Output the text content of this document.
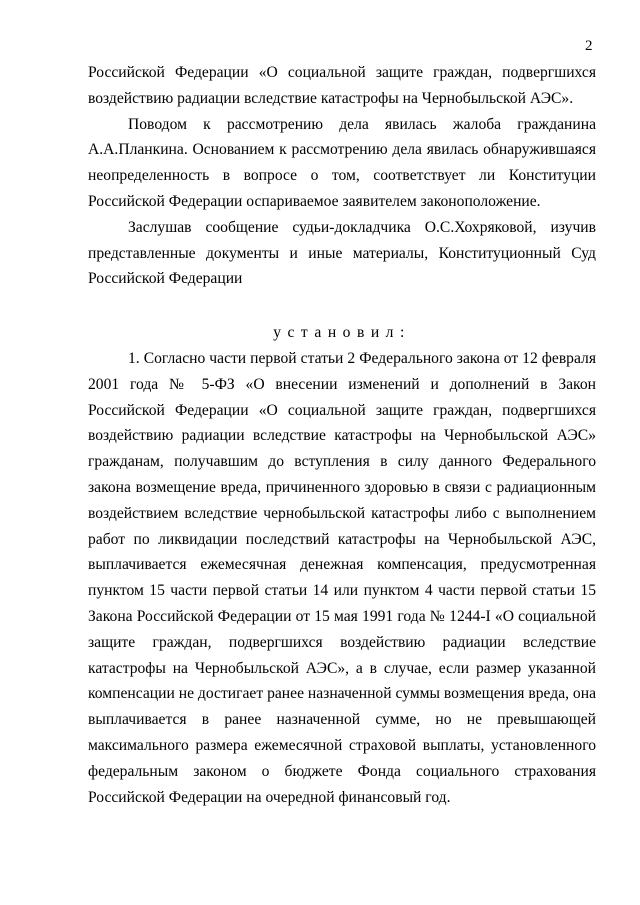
2

Российской Федерации «О социальной защите граждан, подвергшихся воздействию радиации вследствие катастрофы на Чернобыльской АЭС».

Поводом к рассмотрению дела явилась жалоба гражданина А.А.Планкина. Основанием к рассмотрению дела явилась обнаружившаяся неопределенность в вопросе о том, соответствует ли Конституции Российской Федерации оспариваемое заявителем законоположение.

Заслушав сообщение судьи-докладчика О.С.Хохряковой, изучив представленные документы и иные материалы, Конституционный Суд Российской Федерации

установил:

1. Согласно части первой статьи 2 Федерального закона от 12 февраля 2001 года № 5-ФЗ «О внесении изменений и дополнений в Закон Российской Федерации «О социальной защите граждан, подвергшихся воздействию радиации вследствие катастрофы на Чернобыльской АЭС» гражданам, получавшим до вступления в силу данного Федерального закона возмещение вреда, причиненного здоровью в связи с радиационным воздействием вследствие чернобыльской катастрофы либо с выполнением работ по ликвидации последствий катастрофы на Чернобыльской АЭС, выплачивается ежемесячная денежная компенсация, предусмотренная пунктом 15 части первой статьи 14 или пунктом 4 части первой статьи 15 Закона Российской Федерации от 15 мая 1991 года № 1244-I «О социальной защите граждан, подвергшихся воздействию радиации вследствие катастрофы на Чернобыльской АЭС», а в случае, если размер указанной компенсации не достигает ранее назначенной суммы возмещения вреда, она выплачивается в ранее назначенной сумме, но не превышающей максимального размера ежемесячной страховой выплаты, установленного федеральным законом о бюджете Фонда социального страхования Российской Федерации на очередной финансовый год.
